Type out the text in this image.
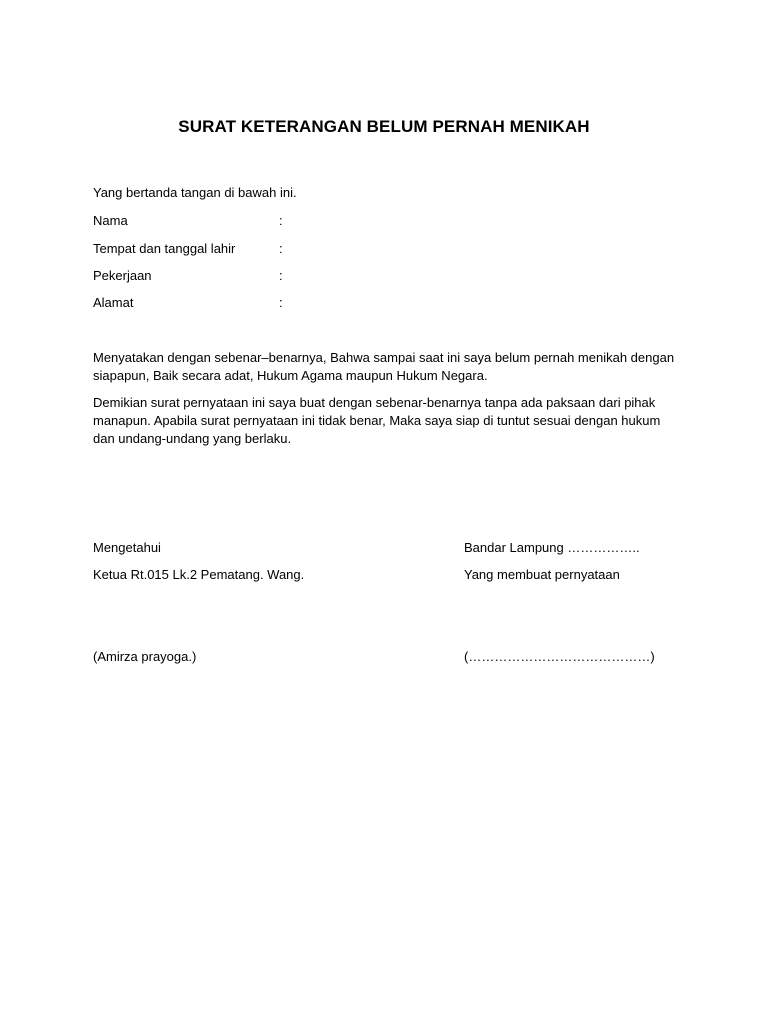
SURAT KETERANGAN BELUM PERNAH MENIKAH
Yang bertanda tangan di bawah ini.
Nama	:
Tempat dan tanggal lahir	:
Pekerjaan	:
Alamat	:
Menyatakan dengan sebenar–benarnya, Bahwa sampai saat ini saya belum pernah menikah dengan
siapapun, Baik secara adat, Hukum Agama maupun Hukum Negara.
Demikian surat pernyataan ini saya buat dengan sebenar-benarnya tanpa ada paksaan dari pihak
manapun. Apabila surat pernyataan ini tidak benar, Maka saya siap di tuntut sesuai dengan hukum
dan undang-undang yang berlaku.
Mengetahui	Bandar Lampung ……………..
Ketua Rt.015 Lk.2 Pematang. Wang.	Yang membuat pernyataan
(Amirza prayoga.)	(……………………………………)
